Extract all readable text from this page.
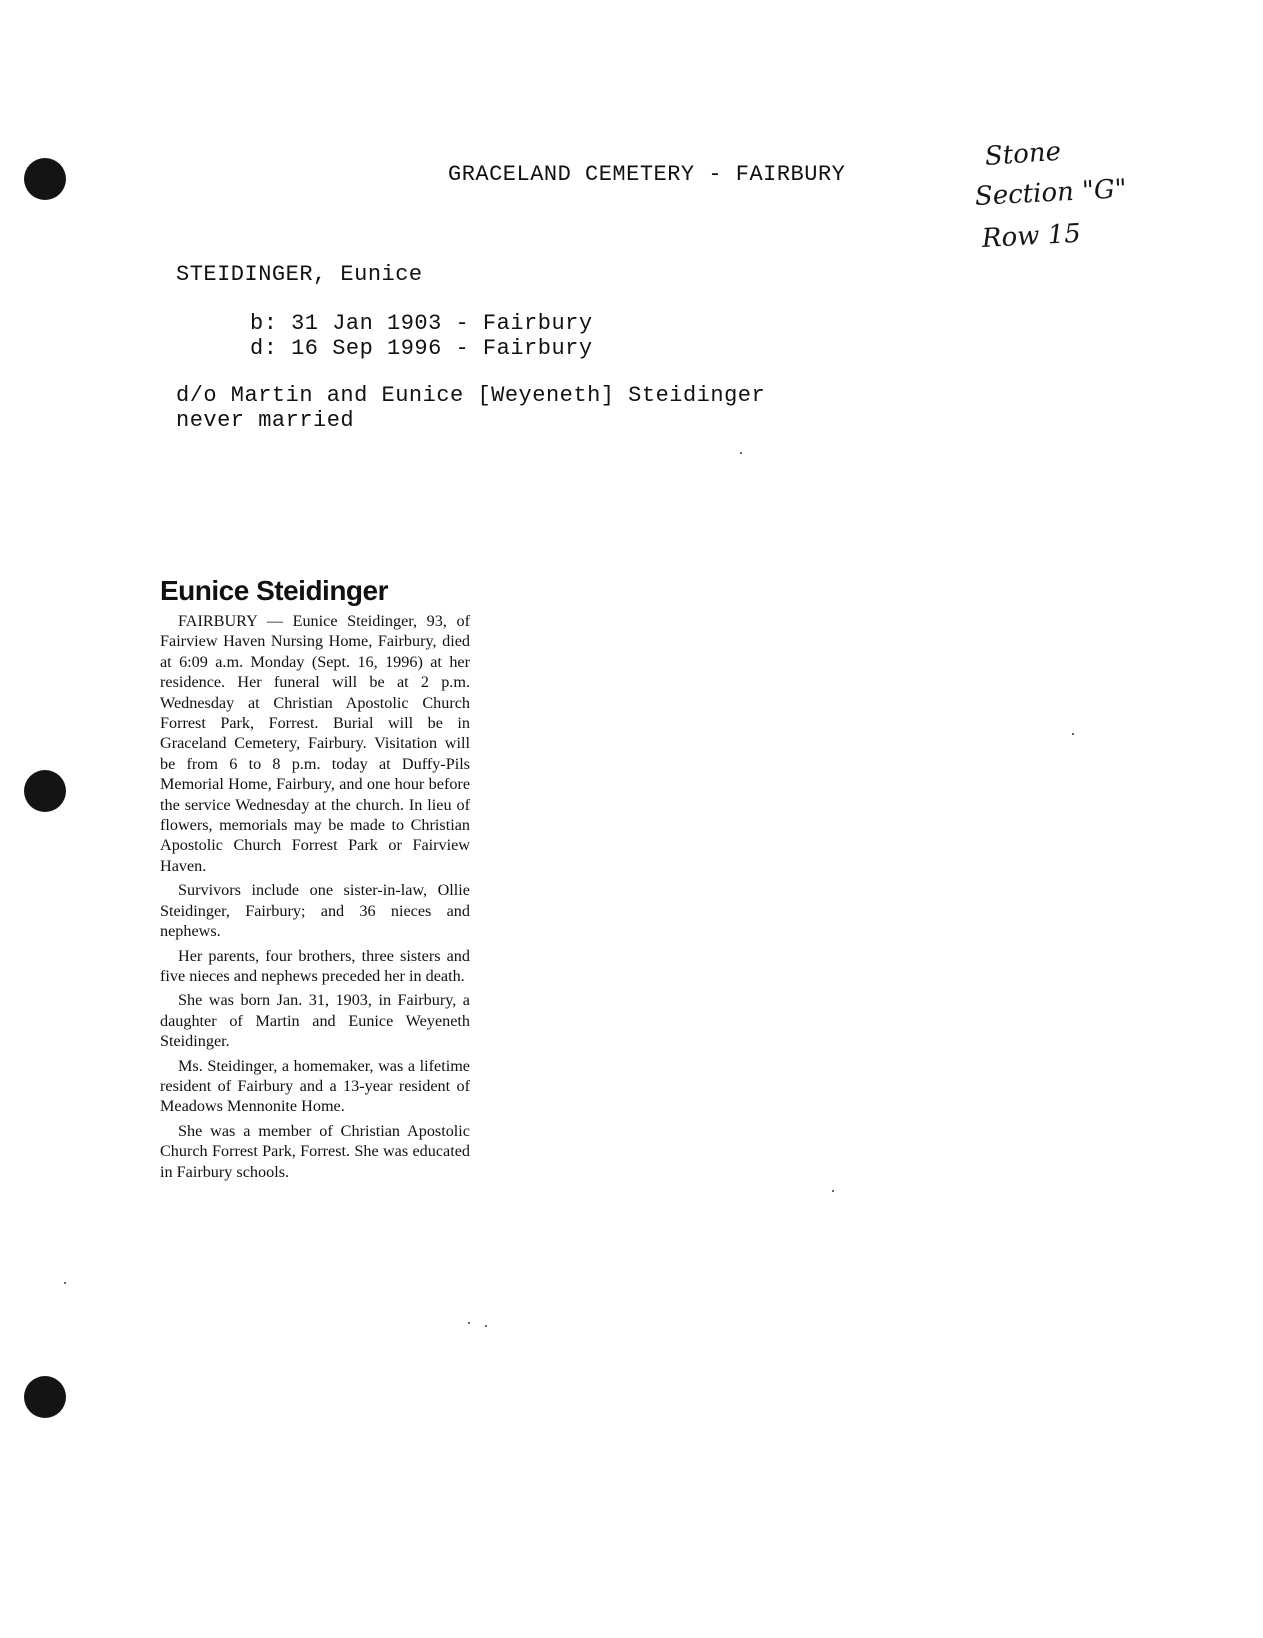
GRACELAND CEMETERY - FAIRBURY
STEIDINGER, Eunice
b: 31 Jan 1903 - Fairbury
d: 16 Sep 1996 - Fairbury
d/o Martin and Eunice [Weyeneth] Steidinger
never married
Stone
Section "G"
Row 15
Eunice Steidinger

FAIRBURY — Eunice Steidinger, 93, of Fairview Haven Nursing Home, Fairbury, died at 6:09 a.m. Monday (Sept. 16, 1996) at her residence. Her funeral will be at 2 p.m. Wednesday at Christian Apostolic Church Forrest Park, Forrest. Burial will be in Graceland Cemetery, Fairbury. Visitation will be from 6 to 8 p.m. today at Duffy-Pils Memorial Home, Fairbury, and one hour before the service Wednesday at the church. In lieu of flowers, memorials may be made to Christian Apostolic Church Forrest Park or Fairview Haven.

Survivors include one sister-in-law, Ollie Steidinger, Fairbury; and 36 nieces and nephews.

Her parents, four brothers, three sisters and five nieces and nephews preceded her in death.

She was born Jan. 31, 1903, in Fairbury, a daughter of Martin and Eunice Weyeneth Steidinger.

Ms. Steidinger, a homemaker, was a lifetime resident of Fairbury and a 13-year resident of Meadows Mennonite Home.

She was a member of Christian Apostolic Church Forrest Park, Forrest. She was educated in Fairbury schools.
